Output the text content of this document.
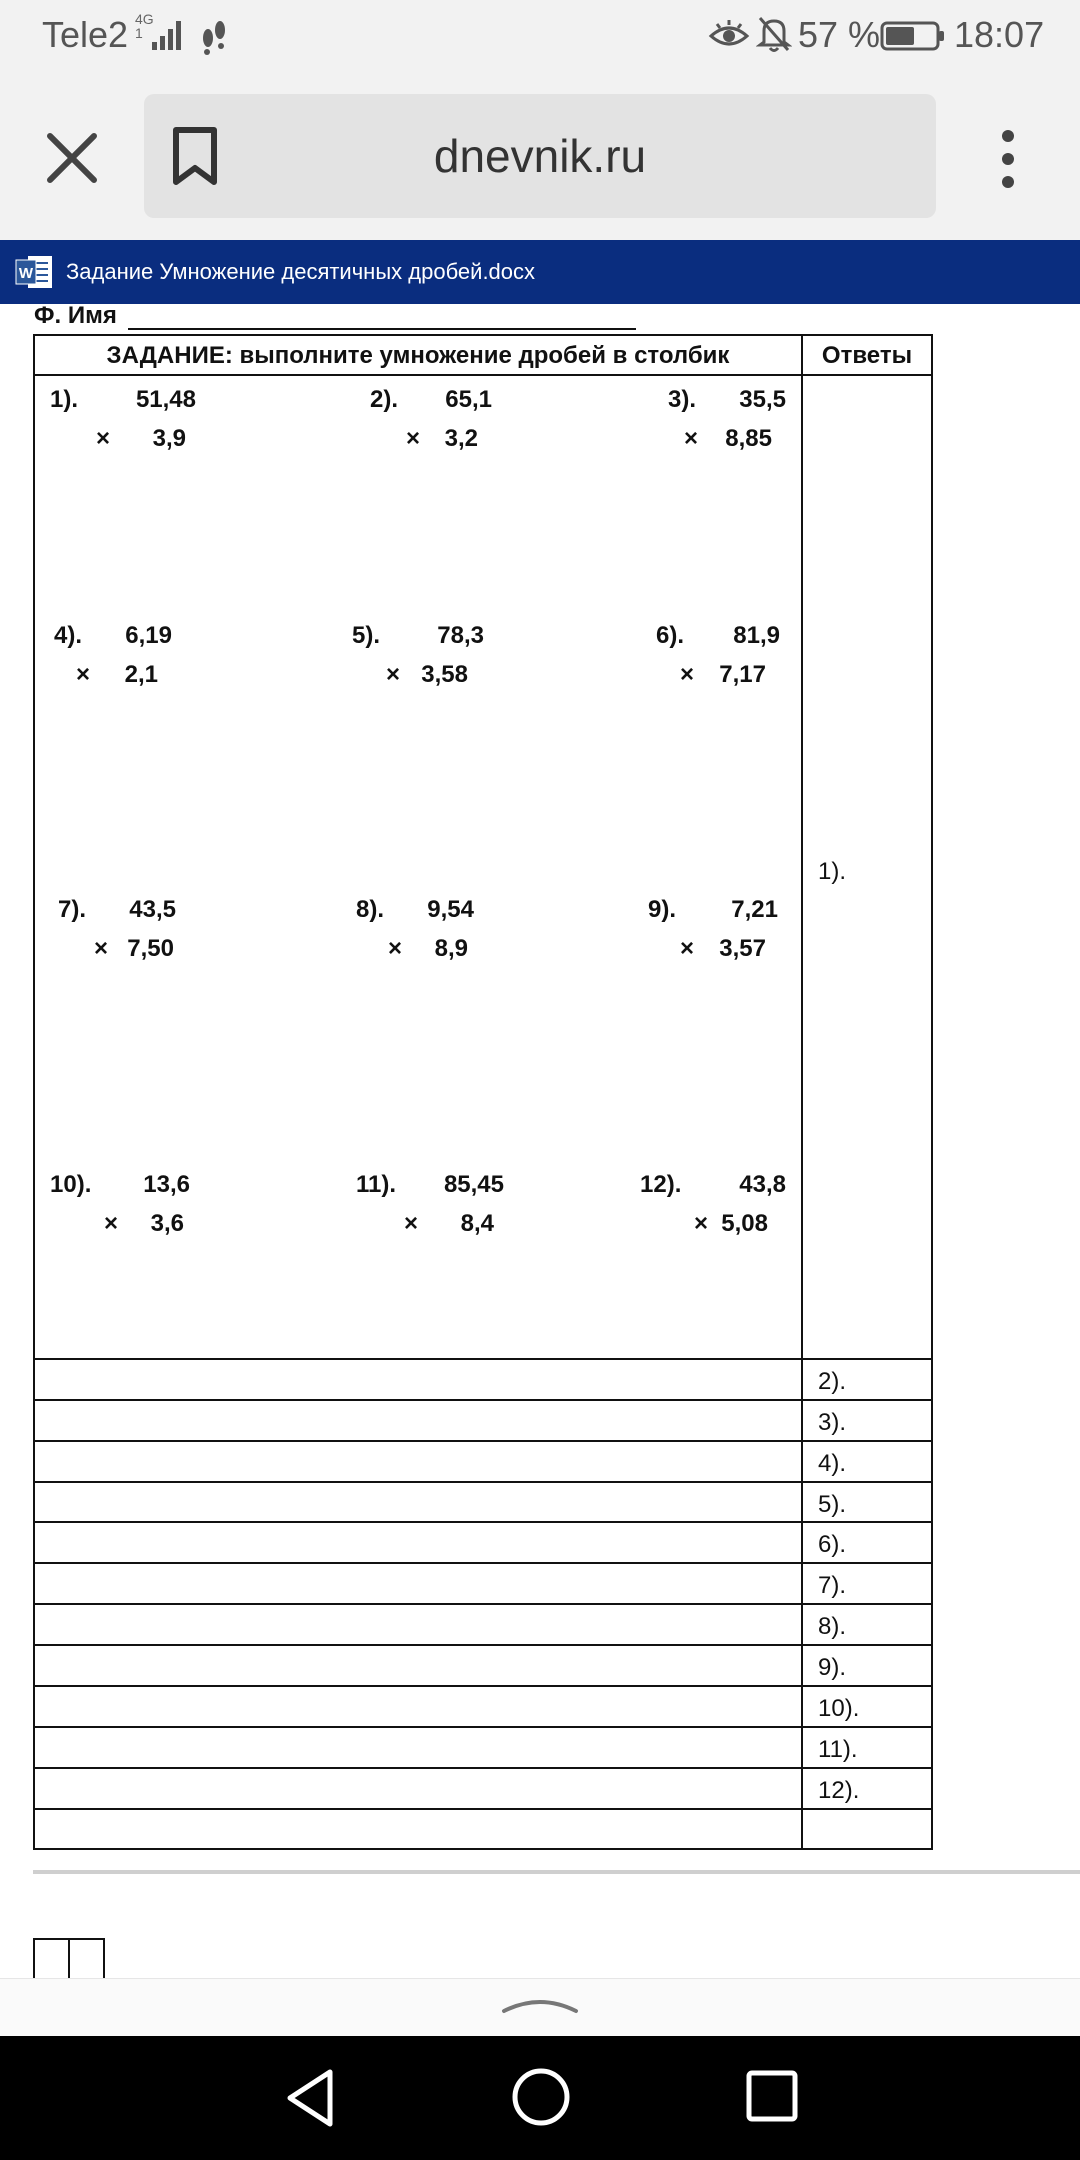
Tele2 4G
1	57 % 18:07
dnevnik.ru
W Задание Умножение десятичных дробей.docx
Ф. Имя
ЗАДАНИЕ: выполните умножение дробей в столбик	Ответы
1).	51,48
×	3,9
2).	65,1
×	3,2
3).	35,5
×	8,85
4).	6,19
× 2,1
5).	78,3
× 3,58
6).	81,9
×	7,17
7).	43,5
× 7,50
8).	9,54
×	8,9
9).	7,21
×	3,57
10).	13,6
× 3,6
11).	85,45
× 8,4
12).	43,8
× 5,08
1).
2).
3).
4).
5).
6).
7).
8).
9).
10).
11).
12).
